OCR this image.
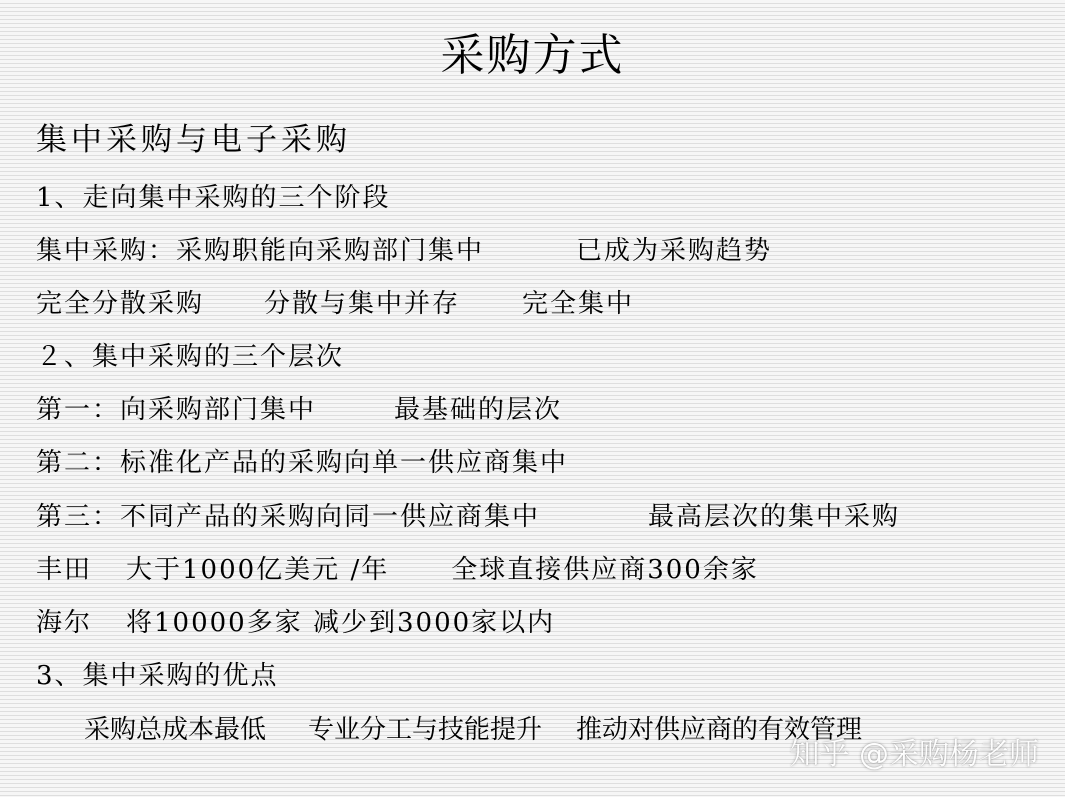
采购方式
集中采购与电子采购
1、走向集中采购的三个阶段
集中采购：采购职能向采购部门集中	已成为采购趋势
完全分散采购 分散与集中并存 完全集中
２、集中采购的三个层次
第一：向采购部门集中	最基础的层次
第二：标准化产品的采购向单一供应商集中
第三：不同产品的采购向同一供应商集中	最高层次的集中采购
丰田 大于1000亿美元 /年 全球直接供应商300余家
海尔 将10000多家 减少到3000家以内
3、集中采购的优点
采购总成本最低 专业分工与技能提升 推动对供应商的有效管理
知乎 @采购杨老师
